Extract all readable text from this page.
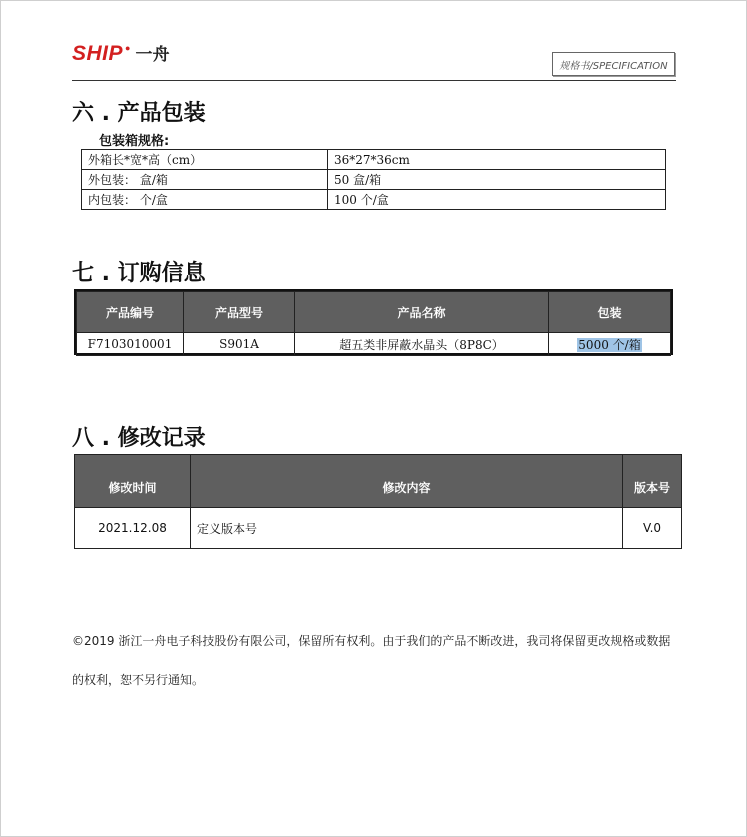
SHIP ● 一舟
规格书/SPECIFICATION
六 . 产品包装
包装箱规格:
外箱长*宽*高（cm）	36*27*36cm
外包装： 盒/箱	50 盒/箱
内包装： 个/盒	100 个/盒
七 . 订购信息
产品编号	产品型号	产品名称	包装
F7103010001	S901A	超五类非屏蔽水晶头（8P8C）	5000 个/箱
八 . 修改记录
修改时间	修改内容	版本号
2021.12.08	定义版本号	V.0
©2019 浙江一舟电子科技股份有限公司，保留所有权利。由于我们的产品不断改进，我司将保留更改规格或数据的权利，恕不另行通知。
